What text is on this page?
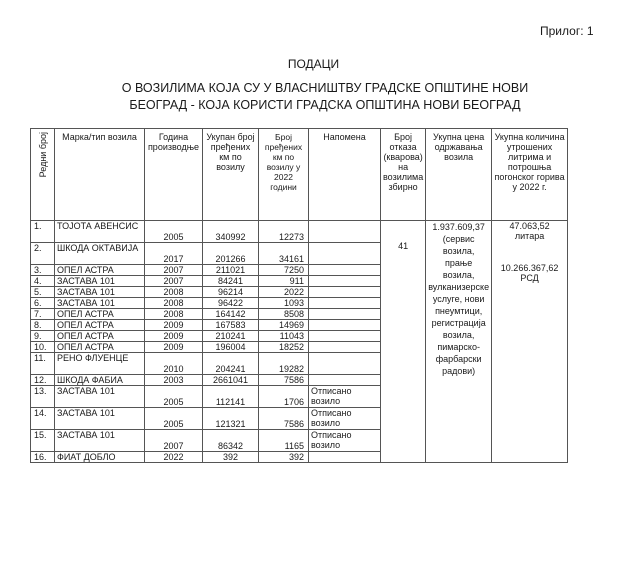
Прилог: 1
ПОДАЦИ
О ВОЗИЛИМА КОЈА СУ У ВЛАСНИШТВУ ГРАДСКЕ ОПШТИНЕ НОВИ
БЕОГРАД - КОЈА КОРИСТИ ГРАДСКА ОПШТИНА НОВИ БЕОГРАД
Редни број	Марка/тип возила	Година производње	Укупан број пређених км по возилу	Број пређених км по возилу у 2022 години	Напомена	Број отказа (кварова) на возилима збирно	Укупна цена одржавања возила	Укупна количина утрошених литрима и потрошња погонског горива у 2022 г.
1.	ТОЈОТА АВЕНСИС	2005	340992	12273		41	1.937.609,37 (сервис возила, прање возила, вулканизерске услуге, нови пнеумтици, регистрација возила, пимарско-фарбарски радови)	47.063,52 литара
10.266.367,62 РСД

2.	ШКОДА ОКТАВИЈА	2017	201266	34161				
3.	ОПЕЛ АСТРА	2007	211021	7250				
4.	ЗАСТАВА 101	2007	84241	911				
5.	ЗАСТАВА 101	2008	96214	2022				
6.	ЗАСТАВА 101	2008	96422	1093				
7.	ОПЕЛ АСТРА	2008	164142	8508				
8.	ОПЕЛ АСТРА	2009	167583	14969				
9.	ОПЕЛ АСТРА	2009	210241	11043				
10.	ОПЕЛ АСТРА	2009	196004	18252				
11.	РЕНО ФЛУЕНЦЕ	2010	204241	19282				
12.	ШКОДА ФАБИА	2003	2661041	7586				
13.	ЗАСТАВА 101	2005	112141	1706	Отписано возило			
14.	ЗАСТАВА 101	2005	121321	7586	Отписано возило			
15.	ЗАСТАВА 101	2007	86342	1165	Отписано возило			
16.	ФИАТ ДОБЛО	2022	392	392				
